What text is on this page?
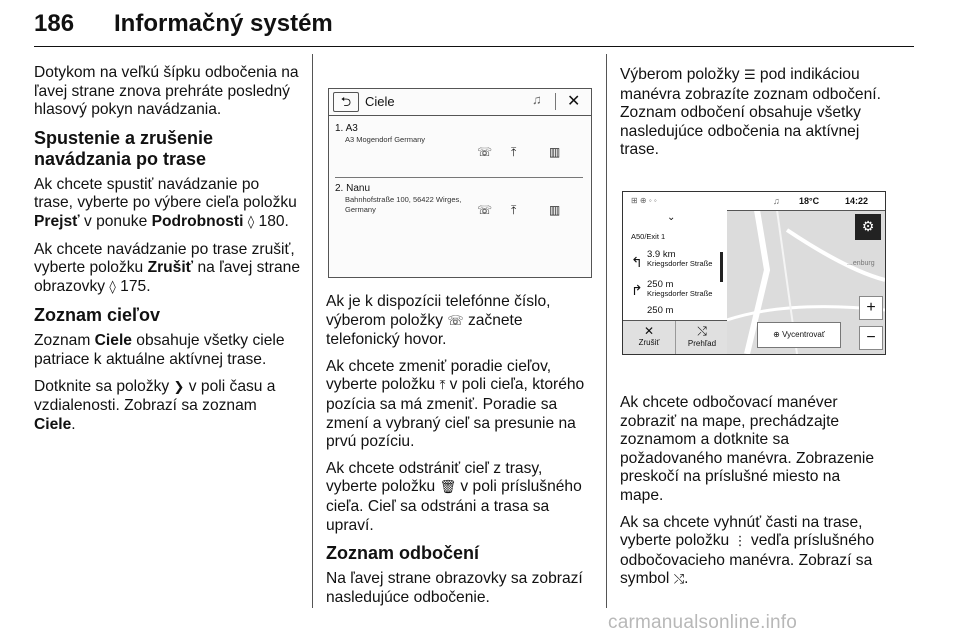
186 Informačný systém

Dotykom na veľkú šípku odbočenia na ľavej strane znova prehráte posledný hlasový pokyn navádzania.

Spustenie a zrušenie navádzania po trase

Ak chcete spustiť navádzanie po trase, vyberte po výbere cieľa položku Prejsť v ponuke Podrobnosti ◊ 180.

Ak chcete navádzanie po trase zrušiť, vyberte položku Zrušiť na ľavej strane obrazovky ◊ 175.

Zoznam cieľov

Zoznam Ciele obsahuje všetky ciele patriace k aktuálne aktívnej trase.

Dotknite sa položky ❯ v poli času a vzdialenosti. Zobrazí sa zoznam Ciele.

⮌	Ciele	♫ ✕
1. A3
A3 Mogendorf Germany
☏ ⤒	▥
2. Nanu
Bahnhofstraße 100, 56422 Wirges, Germany	☏ ⤒	▥

Ak je k dispozícii telefónne číslo, výberom položky ☏ začnete telefonický hovor.

Ak chcete zmeniť poradie cieľov, vyberte položku ⤒ v poli cieľa, ktorého pozícia sa má zmeniť. Poradie sa zmení a vybraný cieľ sa presunie na prvú pozíciu.

Ak chcete odstrániť cieľ z trasy, vyberte položku 🗑 v poli príslušného cieľa. Cieľ sa odstráni a trasa sa upraví.

Zoznam odbočení

Na ľavej strane obrazovky sa zobrazí nasledujúce odbočenie.

Výberom položky ☰ pod indikáciou manévra zobrazíte zoznam odbočení. Zoznam odbočení obsahuje všetky nasledujúce odbočenia na aktívnej trase.

...enburg
⊞ ⊕ ◦ ◦	♫ 18°C	14:22
⌄
A50/Exit 1
↰ 3.9 km
Kriegsdorfer Straße
↱ 250 m
Kriegsdorfer Straße
250 m
✕
Zrušiť
⤭
Prehľad
⊕ Vycentrovať
⚙
+
−

Ak chcete odbočovací manéver zobraziť na mape, prechádzajte zoznamom a dotknite sa požadovaného manévra. Zobrazenie preskočí na príslušné miesto na mape.

Ak sa chcete vyhnúť časti na trase, vyberte položku ⋮ vedľa príslušného odbočovacieho manévra. Zobrazí sa symbol ⤭.

carmanualsonline.info
